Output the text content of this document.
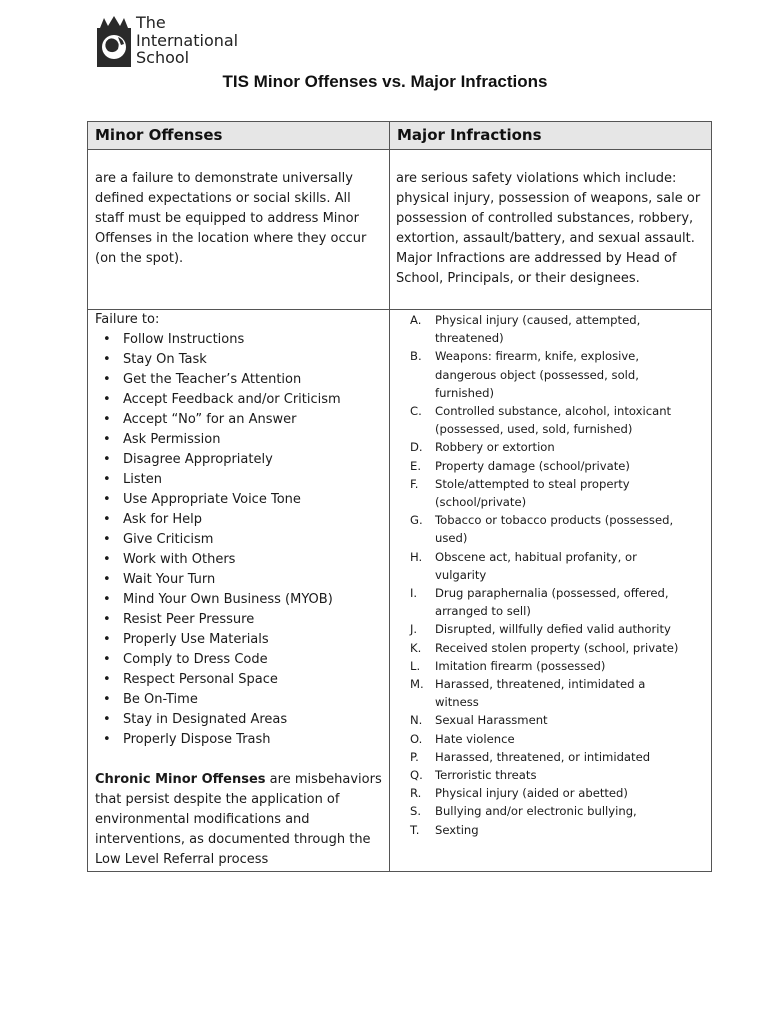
The
International
School
TIS Minor Offenses vs. Major Infractions
Minor Offenses	Major Infractions
are a failure to demonstrate universally
defined expectations or social skills. All
staff must be equipped to address Minor
Offenses in the location where they occur
(on the spot).
are serious safety violations which include:
physical injury, possession of weapons, sale or
possession of controlled substances, robbery,
extortion, assault/battery, and sexual assault.
Major Infractions are addressed by Head of
School, Principals, or their designees.
Failure to:
• Follow Instructions
• Stay On Task
• Get the Teacher’s Attention
• Accept Feedback and/or Criticism
• Accept “No” for an Answer
• Ask Permission
• Disagree Appropriately
• Listen
• Use Appropriate Voice Tone
• Ask for Help
• Give Criticism
• Work with Others
• Wait Your Turn
• Mind Your Own Business (MYOB)
• Resist Peer Pressure
• Properly Use Materials
• Comply to Dress Code
• Respect Personal Space
• Be On-Time
• Stay in Designated Areas
• Properly Dispose Trash
Chronic Minor Offenses are misbehaviors
that persist despite the application of
environmental modifications and
interventions, as documented through the
Low Level Referral process
A. Physical injury (caused, attempted,
threatened)
B. Weapons: firearm, knife, explosive,
dangerous object (possessed, sold,
furnished)
C. Controlled substance, alcohol, intoxicant
(possessed, used, sold, furnished)
D. Robbery or extortion
E. Property damage (school/private)
F. Stole/attempted to steal property
(school/private)
G. Tobacco or tobacco products (possessed,
used)
H. Obscene act, habitual profanity, or
vulgarity
I. Drug paraphernalia (possessed, offered,
arranged to sell)
J. Disrupted, willfully defied valid authority
K. Received stolen property (school, private)
L. Imitation firearm (possessed)
M. Harassed, threatened, intimidated a
witness
N. Sexual Harassment
O. Hate violence
P. Harassed, threatened, or intimidated
Q. Terroristic threats
R. Physical injury (aided or abetted)
S. Bullying and/or electronic bullying,
T. Sexting
